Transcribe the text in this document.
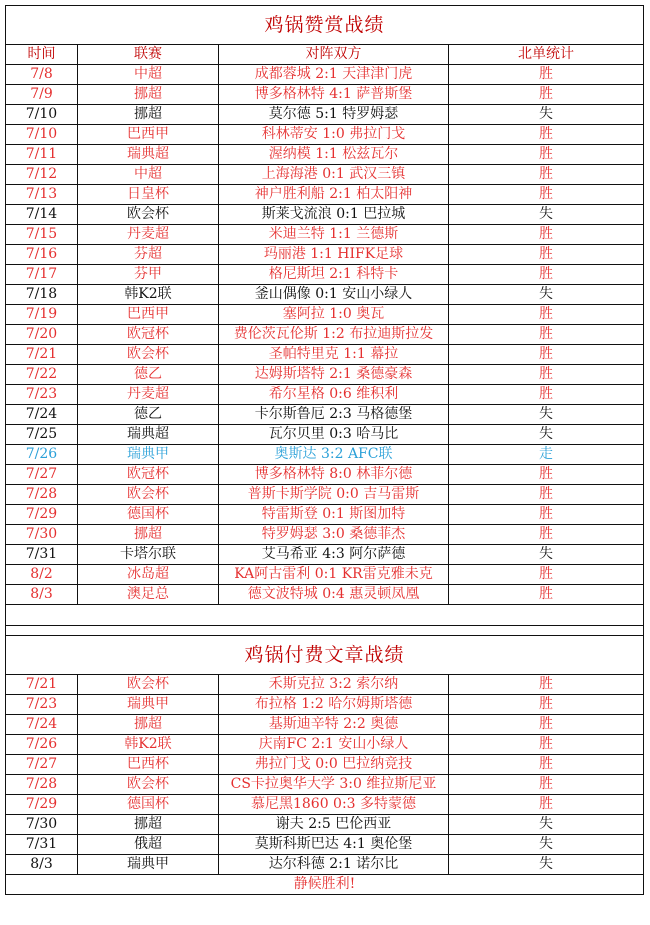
鸡锅赞赏战绩			
时间	联赛	对阵双方	北单统计
7/8	中超	成都蓉城 2:1 天津津门虎	胜
7/9	挪超	博多格林特 4:1 萨普斯堡	胜
7/10	挪超	莫尔德 5:1 特罗姆瑟	失
7/10	巴西甲	科林蒂安 1:0 弗拉门戈	胜
7/11	瑞典超	渥纳模 1:1 松兹瓦尔	胜
7/12	中超	上海海港 0:1 武汉三镇	胜
7/13	日皇杯	神户胜利船 2:1 柏太阳神	胜
7/14	欧会杯	斯莱戈流浪 0:1 巴拉城	失
7/15	丹麦超	米迪兰特 1:1 兰德斯	胜
7/16	芬超	玛丽港 1:1 HIFK足球	胜
7/17	芬甲	格尼斯坦 2:1 科特卡	胜
7/18	韩K2联	釜山偶像 0:1 安山小绿人	失
7/19	巴西甲	塞阿拉 1:0 奥瓦	胜
7/20	欧冠杯	费伦茨瓦伦斯 1:2 布拉迪斯拉发	胜
7/21	欧会杯	圣帕特里克 1:1 幕拉	胜
7/22	德乙	达姆斯塔特 2:1 桑德豪森	胜
7/23	丹麦超	希尔星格 0:6 维积利	胜
7/24	德乙	卡尔斯鲁厄 2:3 马格德堡	失
7/25	瑞典超	瓦尔贝里 0:3 哈马比	失
7/26	瑞典甲	奥斯达 3:2 AFC联	走
7/27	欧冠杯	博多格林特 8:0 林菲尔德	胜
7/28	欧会杯	普斯卡斯学院 0:0 吉马雷斯	胜
7/29	德国杯	特雷斯登 0:1 斯图加特	胜
7/30	挪超	特罗姆瑟 3:0 桑德菲杰	胜
7/31	卡塔尔联	艾马希亚 4:3 阿尔萨德	失
8/2	冰岛超	KA阿古雷利 0:1 KR雷克雅未克	胜
8/3	澳足总	德文波特城 0:4 惠灵顿凤凰	胜

鸡锅付费文章战绩			
7/21	欧会杯	禾斯克拉 3:2 索尔纳	胜
7/23	瑞典甲	布拉格 1:2 哈尔姆斯塔德	胜
7/24	挪超	基斯迪辛特 2:2 奥德	胜
7/26	韩K2联	庆南FC 2:1 安山小绿人	胜
7/27	巴西杯	弗拉门戈 0:0 巴拉纳竞技	胜
7/28	欧会杯	CS卡拉奥华大学 3:0 维拉斯尼亚	胜
7/29	德国杯	慕尼黑1860 0:3 多特蒙德	胜
7/30	挪超	谢夫 2:5 巴伦西亚	失
7/31	俄超	莫斯科斯巴达 4:1 奥伦堡	失
8/3	瑞典甲	达尔科德 2:1 诺尔比	失
静候胜利!			
